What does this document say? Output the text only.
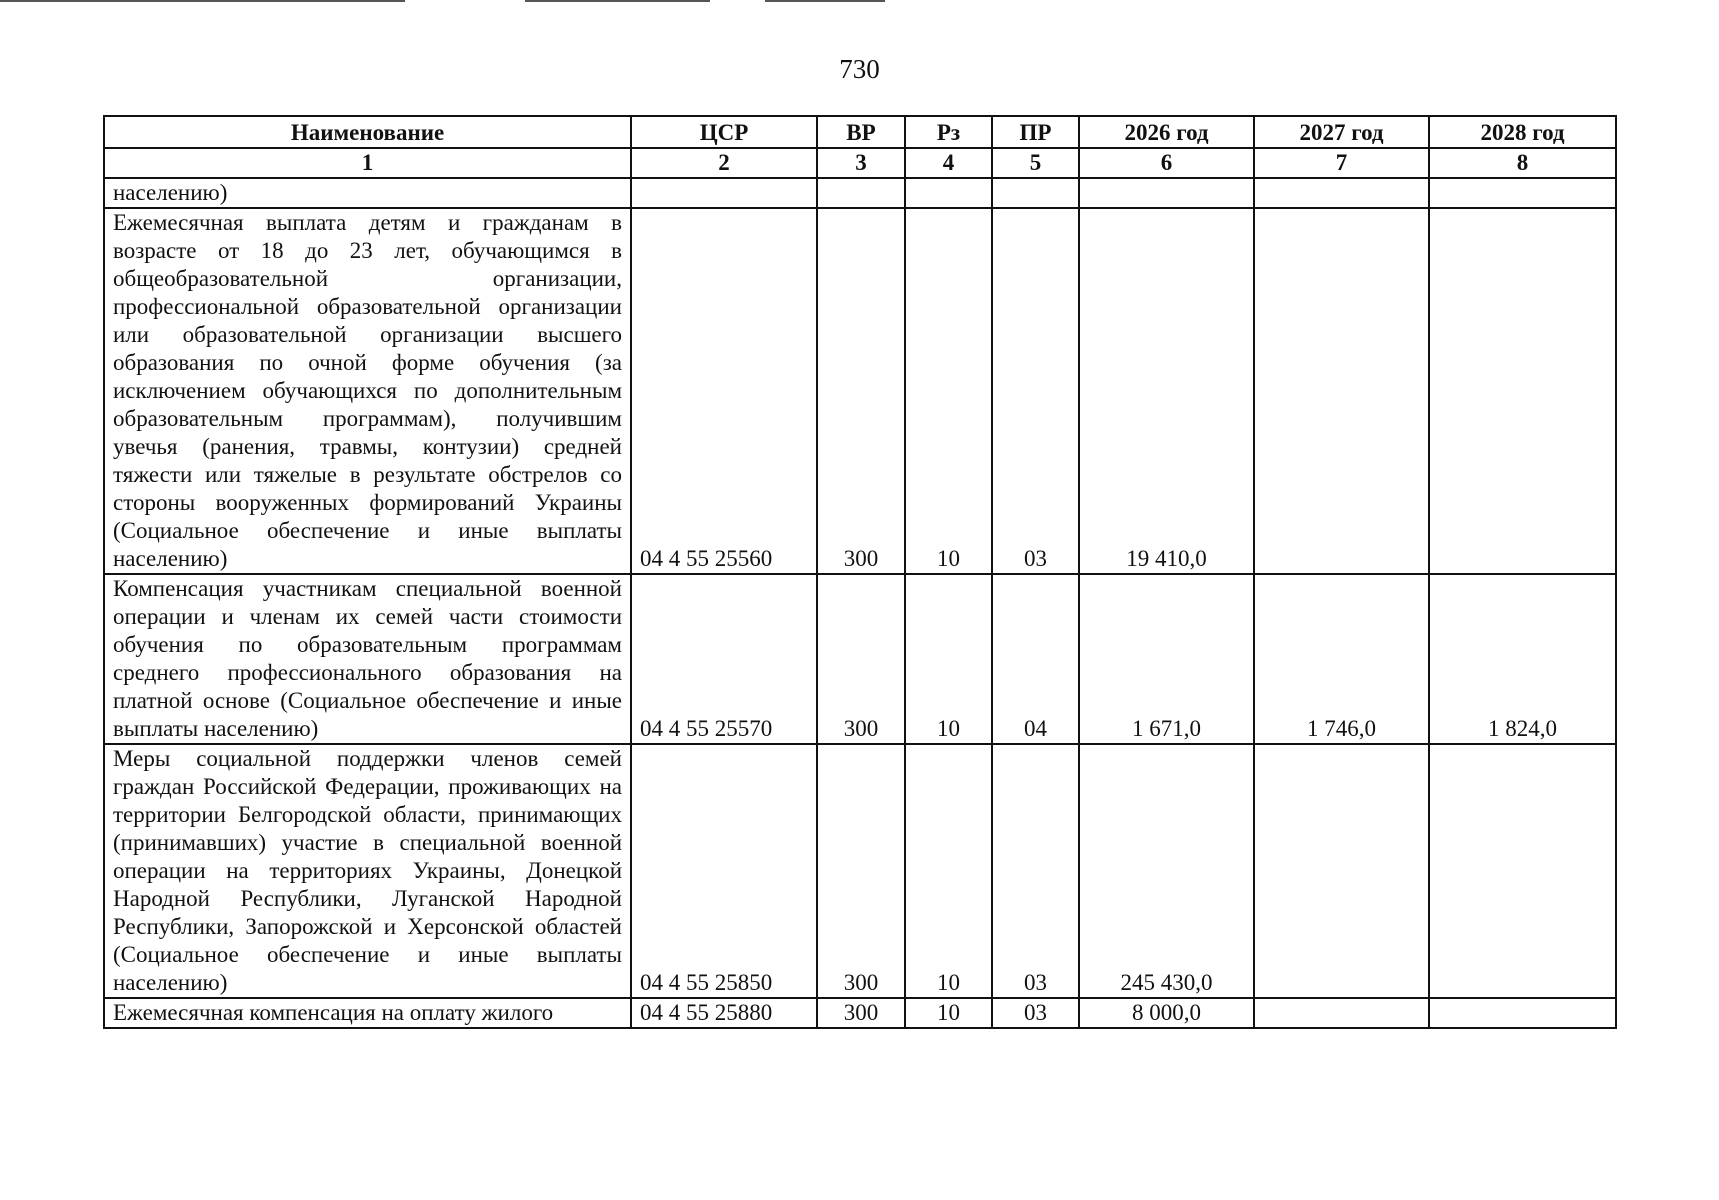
730
Наименование	ЦСР	ВР	Рз	ПР	2026 год	2027 год	2028 год
1	2	3	4	5	6	7	8
населению)							
Ежемесячная выплата детям и гражданам в возрасте от 18 до 23 лет, обучающимся в общеобразовательной организации, профессиональной образовательной организации или образовательной организации высшего образования по очной форме обучения (за исключением обучающихся по дополнительным образовательным программам), получившим увечья (ранения, травмы, контузии) средней тяжести или тяжелые в результате обстрелов со стороны вооруженных формирований Украины (Социальное обеспечение и иные выплаты населению)	04 4 55 25560	300	10	03	19 410,0		
Компенсация участникам специальной военной операции и членам их семей части стоимости обучения по образовательным программам среднего профессионального образования на платной основе (Социальное обеспечение и иные выплаты населению)	04 4 55 25570	300	10	04	1 671,0	1 746,0	1 824,0
Меры социальной поддержки членов семей граждан Российской Федерации, проживающих на территории Белгородской области, принимающих (принимавших) участие в специальной военной операции на территориях Украины, Донецкой Народной Республики, Луганской Народной Республики, Запорожской и Херсонской областей (Социальное обеспечение и иные выплаты населению)	04 4 55 25850	300	10	03	245 430,0		
Ежемесячная компенсация на оплату жилого	04 4 55 25880	300	10	03	8 000,0		
